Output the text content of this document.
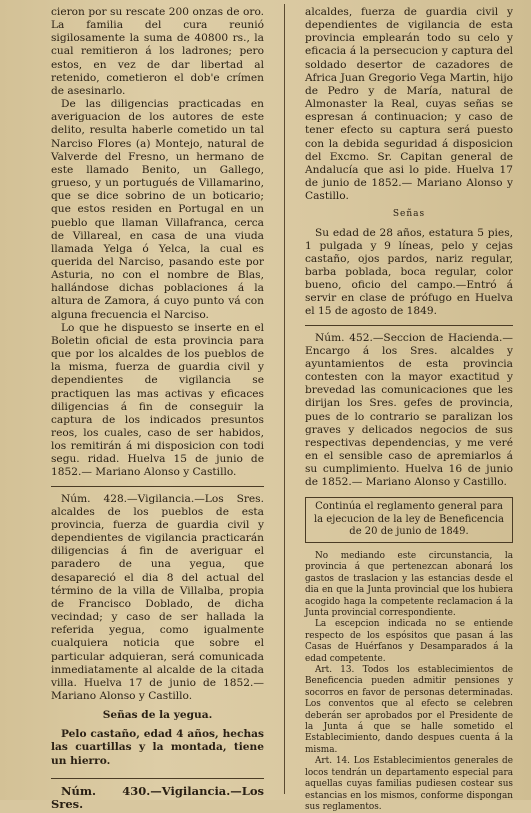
cieron por su rescate 200 onzas de oro. La familia del cura reunió sigilosamente la suma de 40800 rs., la cual remitieron á los ladrones; pero estos, en vez de dar libertad al retenido, cometieron el dob'e crímen de asesinarlo.

De las diligencias practicadas en averiguacion de los autores de este delito, resulta haberle cometido un tal Narciso Flores (a) Montejo, natural de Valverde del Fresno, un hermano de este llamado Benito, un Gallego, grueso, y un portugués de Villamarino, que se dice sobrino de un boticario; que estos residen en Portugal en un pueblo que llaman Villafranca, cerca de Villareal, en casa de una viuda llamada Yelga ó Yelca, la cual es querida del Narciso, pasando este por Asturia, no con el nombre de Blas, hallándose dichas poblaciones á la altura de Zamora, á cuyo punto vá con alguna frecuencia el Narciso.

Lo que he dispuesto se inserte en el Boletin oficial de esta provincia para que por los alcaldes de los pueblos de la misma, fuerza de guardia civil y dependientes de vigilancia se practiquen las mas activas y eficaces diligencias á fin de conseguir la captura de los indicados presuntos reos, los cuales, caso de ser habidos, los remitirán á mi disposicion con todi segu. ridad. Huelva 15 de junio de 1852.— Mariano Alonso y Castillo.

Núm. 428.—Vigilancia.—Los Sres. alcaldes de los pueblos de esta provincia, fuerza de guardia civil y dependientes de vigilancia practicarán diligencias á fin de averiguar el paradero de una yegua, que desapareció el dia 8 del actual del término de la villa de Villalba, propia de Francisco Doblado, de dicha vecindad; y caso de ser hallada la referida yegua, como igualmente cualquiera noticia que sobre el particular adquieran, será comunicada inmediatamente al alcalde de la citada villa. Huelva 17 de junio de 1852.—Mariano Alonso y Castillo.

Señas de la yegua.

Pelo castaño, edad 4 años, hechas las cuartillas y la montada, tiene un hierro.

Núm. 430.—Vigilancia.—Los Sres.

alcaldes, fuerza de guardia civil y dependientes de vigilancia de esta provincia emplearán todo su celo y eficacia á la persecucion y captura del soldado desertor de cazadores de Africa Juan Gregorio Vega Martin, hijo de Pedro y de María, natural de Almonaster la Real, cuyas señas se espresan á continuacion; y caso de tener efecto su captura será puesto con la debida seguridad á disposicion del Excmo. Sr. Capitan general de Andalucía que asi lo pide. Huelva 17 de junio de 1852.— Mariano Alonso y Castillo.

Señas

Su edad de 28 años, estatura 5 pies, 1 pulgada y 9 líneas, pelo y cejas castaño, ojos pardos, nariz regular, barba poblada, boca regular, color bueno, oficio del campo.—Entró á servir en clase de prófugo en Huelva el 15 de agosto de 1849.

Núm. 452.—Seccion de Hacienda.— Encargo á los Sres. alcaldes y ayuntamientos de esta provincia contesten con la mayor exactitud y brevedad las comunicaciones que les dirijan los Sres. gefes de provincia, pues de lo contrario se paralizan los graves y delicados negocios de sus respectivas dependencias, y me veré en el sensible caso de apremiarlos á su cumplimiento. Huelva 16 de junio de 1852.— Mariano Alonso y Castillo.

Continúa el reglamento general para la ejecucion de la ley de Beneficencia de 20 de junio de 1849.

No mediando este circunstancia, la provincia á que pertenezcan abonará los gastos de traslacion y las estancias desde el dia en que la Junta provincial que los hubiera acogido haga la competente reclamacion á la Junta provincial correspondiente.

La escepcion indicada no se entiende respecto de los espósitos que pasan á las Casas de Huérfanos y Desamparados á la edad competente.

Art. 13. Todos los establecimientos de Beneficencia pueden admitir pensiones y socorros en favor de personas determinadas. Los conventos que al efecto se celebren deberán ser aprobados por el Presidente de la Junta á que se halle sometido el Establecimiento, dando despues cuenta á la misma.

Art. 14. Los Establecimientos generales de locos tendrán un departamento especial para aquellas cuyas familias pudiesen costear sus estancias en los mismos, conforme dispongan sus reglamentos.
